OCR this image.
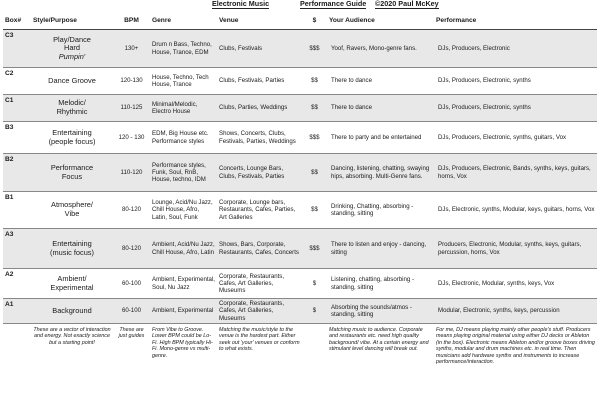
Electronic Music	Performance Guide ©2020 Paul McKey
Box#	Style/Purpose	BPM	Genre	Venue	$	Your Audience	Performance
C3	Play/Dance
Hard
Pumpin'	130+	Drum n Bass, Techno, House, Trance, EDM	Clubs, Festivals	$$$	Yoof, Ravers, Mono-genre fans.	DJs, Producers, Electronic
C2	Dance Groove	120-130	House, Techno, Tech House, Trance	Clubs, Festivals, Parties	$$	There to dance	DJs, Producers, Electronic, synths
C1	Melodic/
Rhythmic	110-125	Minimal/Melodic, Electro House	Clubs, Parties, Weddings	$$	There to dance	DJs, Producers, Electronic, synths
B3	Entertaining
(people focus)	120 - 130	EDM, Big House etc. Performance styles	Shows, Concerts, Clubs, Festivals, Parties, Weddings	$$$	There to party and be entertained	DJs, Producers, Electronic, synths, guitars, Vox
B2	Performance
Focus	110-120	Performance styles, Funk, Soul, RnB, House, techno, IDM	Concerts, Lounge Bars, Clubs, Festivals, Parties	$$	Dancing, listening, chatting, swaying hips, absorbing. Multi-Genre fans.	DJs, Producers, Electronic, Bands, synths, keys, guitars, horns, Vox
B1	Atmosphere/
Vibe	80-120	Lounge, Acid/Nu Jazz, Chill House, Afro, Latin, Soul, Funk	Corporate, Lounge bars, Restaurants, Cafes, Parties, Art Galleries	$$	Drinking, Chatting, absorbing - standing, sitting	DJs, Electronic, synths, Modular, keys, guitars, horns, Vox
A3	Entertaining
(music focus)	80-120	Ambient, Acid/Nu Jazz, Chill House, Afro, Latin	Shows, Bars, Corporate, Restaurants, Cafes, Concerts	$$$	There to listen and enjoy - dancing, sitting	Producers, Electronic, Modular, synths, keys, guitars, percussion, horns, Vox
A2	Ambient/
Experimental	60-100	Ambient, Experimental, Soul, Nu Jazz	Corporate, Restaurants, Cafes, Art Galleries, Museums	$	Listening, chatting, absorbing - standing, sitting	DJs, Electronic, Modular, synths, keys, Vox
A1	Background	60-100	Ambient, Experimental	Corporate, Restaurants, Cafes, Art Galleries, Museums	$	Absorbing the sounds/atmos - standing, sitting	Modular, Electronic, synths, keys, percussion
	These are a vector of interaction and energy. Not exactly science but a starting point!	These are just guides	From Vibe to Groove. Lower BPM could be Lo-Fi. High BPM typically Hi-Fi. Mono-genre vs multi-genre.	Matching the music/style to the venue is the hardest part. Either seek out 'your' venues or conform to what exists.		Matching music to audience. Corporate and restaurants etc. need high quality background/ vibe. At a certain energy and stimulant level dancing will break out.	For me, DJ means playing mainly other people's stuff. Producers means playing original material using either DJ decks or Ableton (in the box). Electronic means Ableton and/or groove boxes driving synths, modular and drum machines etc. in real time. Then musicians add hardware synths and instruments to increase performance/interaction.
